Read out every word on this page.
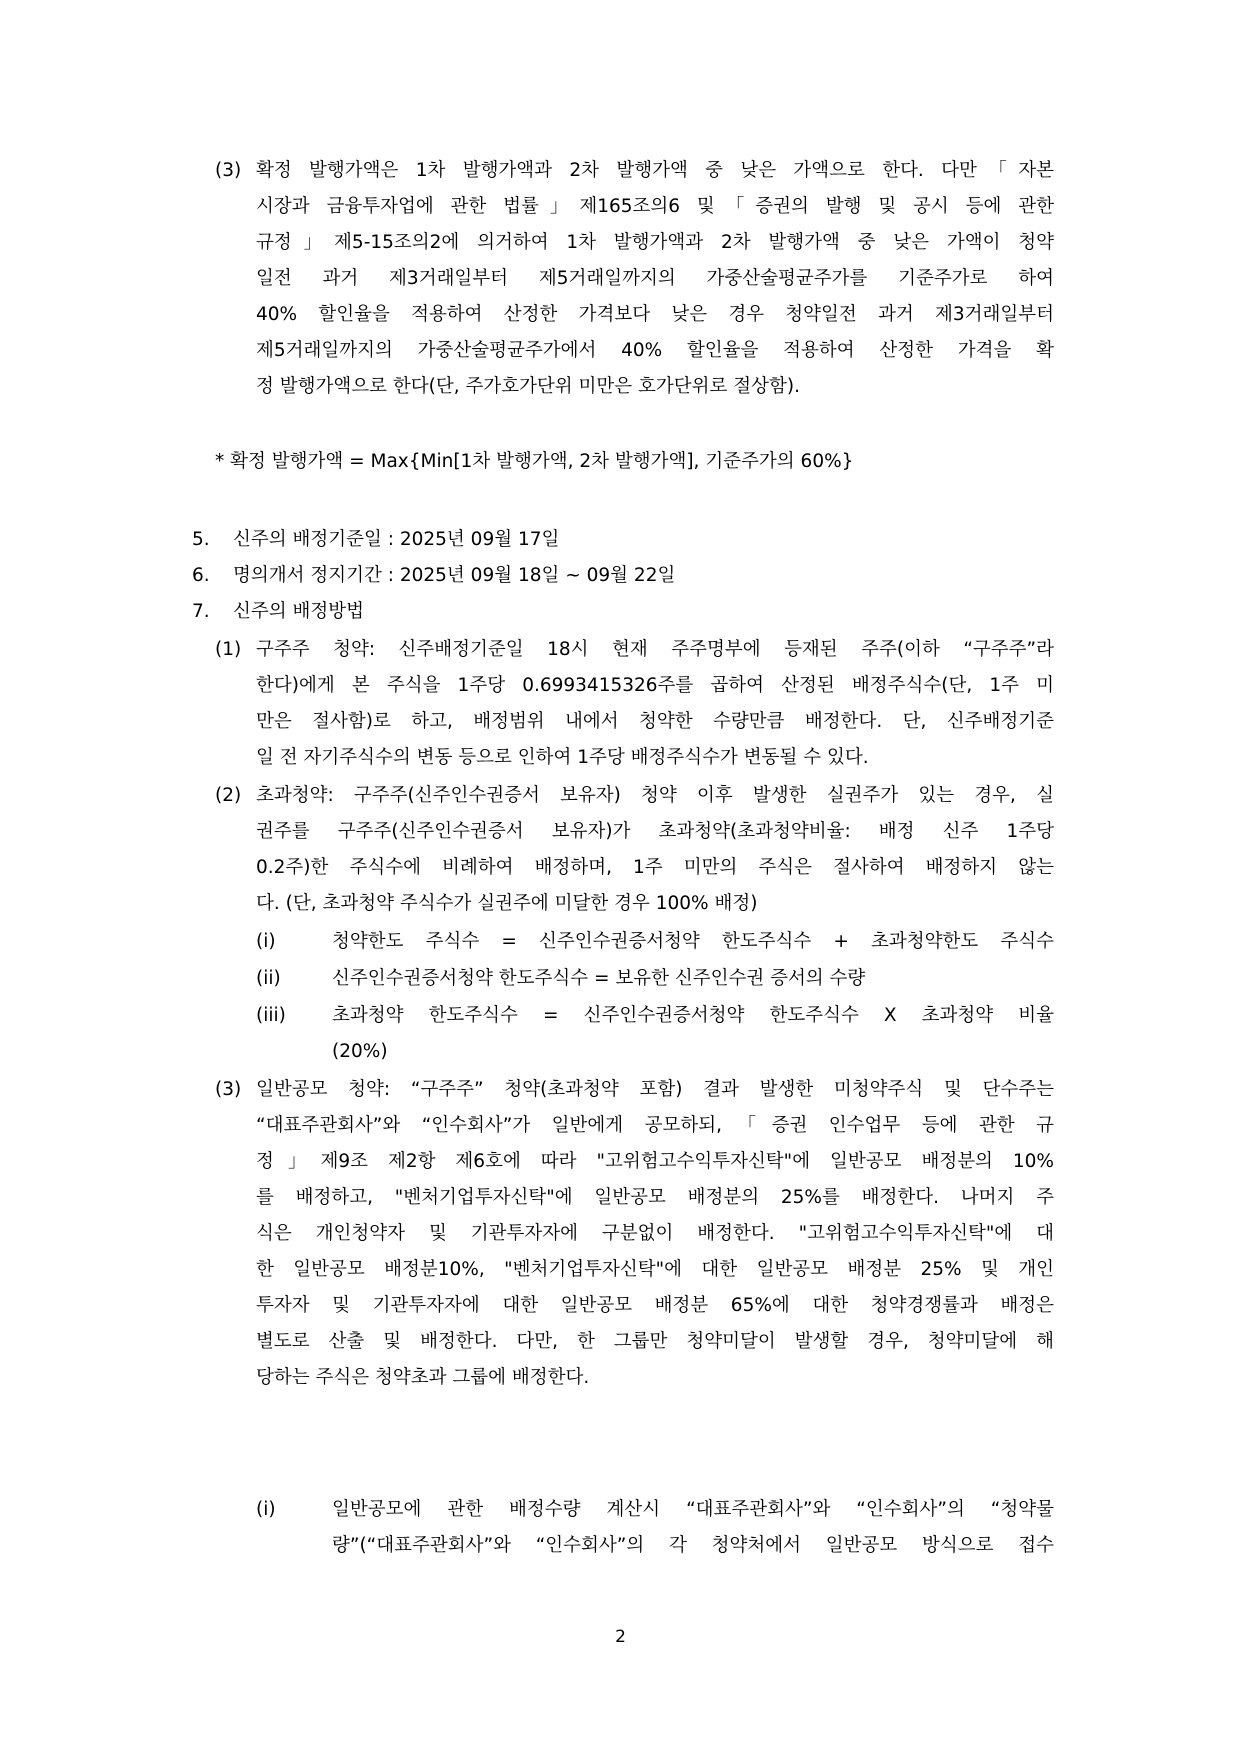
(3) 확정 발행가액은 1차 발행가액과 2차 발행가액 중 낮은 가액으로 한다. 다만「자본
시장과 금융투자업에 관한 법률」제165조의6 및「증권의 발행 및 공시 등에 관한
규정」제5-15조의2에 의거하여 1차 발행가액과 2차 발행가액 중 낮은 가액이 청약
일전 과거 제3거래일부터 제5거래일까지의 가중산술평균주가를 기준주가로 하여
40% 할인율을 적용하여 산정한 가격보다 낮은 경우 청약일전 과거 제3거래일부터
제5거래일까지의 가중산술평균주가에서 40% 할인율을 적용하여 산정한 가격을 확
정 발행가액으로 한다(단, 주가호가단위 미만은 호가단위로 절상함).
* 확정 발행가액 = Max{Min[1차 발행가액, 2차 발행가액], 기준주가의 60%}
5. 신주의 배정기준일 : 2025년 09월 17일
6. 명의개서 정지기간 : 2025년 09월 18일 ~ 09월 22일
7. 신주의 배정방법
(1) 구주주 청약: 신주배정기준일 18시 현재 주주명부에 등재된 주주(이하 “구주주”라
한다)에게 본 주식을 1주당 0.6993415326주를 곱하여 산정된 배정주식수(단, 1주 미
만은 절사함)로 하고, 배정범위 내에서 청약한 수량만큼 배정한다. 단, 신주배정기준
일 전 자기주식수의 변동 등으로 인하여 1주당 배정주식수가 변동될 수 있다.
(2) 초과청약: 구주주(신주인수권증서 보유자) 청약 이후 발생한 실권주가 있는 경우, 실
권주를 구주주(신주인수권증서 보유자)가 초과청약(초과청약비율: 배정 신주 1주당
0.2주)한 주식수에 비례하여 배정하며, 1주 미만의 주식은 절사하여 배정하지 않는
다. (단, 초과청약 주식수가 실권주에 미달한 경우 100% 배정)
(i)	청약한도 주식수 = 신주인수권증서청약 한도주식수 + 초과청약한도 주식수
(ii)	신주인수권증서청약 한도주식수 = 보유한 신주인수권 증서의 수량
(iii) 초과청약 한도주식수 = 신주인수권증서청약 한도주식수 X 초과청약 비율
(20%)
(3) 일반공모 청약: “구주주” 청약(초과청약 포함) 결과 발생한 미청약주식 및 단수주는
“대표주관회사”와 “인수회사”가 일반에게 공모하되,「증권 인수업무 등에 관한 규
정」제9조 제2항 제6호에 따라 "고위험고수익투자신탁"에 일반공모 배정분의 10%
를 배정하고, "벤처기업투자신탁"에 일반공모 배정분의 25%를 배정한다. 나머지 주
식은 개인청약자 및 기관투자자에 구분없이 배정한다. "고위험고수익투자신탁"에 대
한 일반공모 배정분10%, "벤처기업투자신탁"에 대한 일반공모 배정분 25% 및 개인
투자자 및 기관투자자에 대한 일반공모 배정분 65%에 대한 청약경쟁률과 배정은
별도로 산출 및 배정한다. 다만, 한 그룹만 청약미달이 발생할 경우, 청약미달에 해
당하는 주식은 청약초과 그룹에 배정한다.
(i)	일반공모에 관한 배정수량 계산시 “대표주관회사”와 “인수회사”의 “청약물
량”(“대표주관회사”와 “인수회사”의 각 청약처에서 일반공모 방식으로 접수
2
